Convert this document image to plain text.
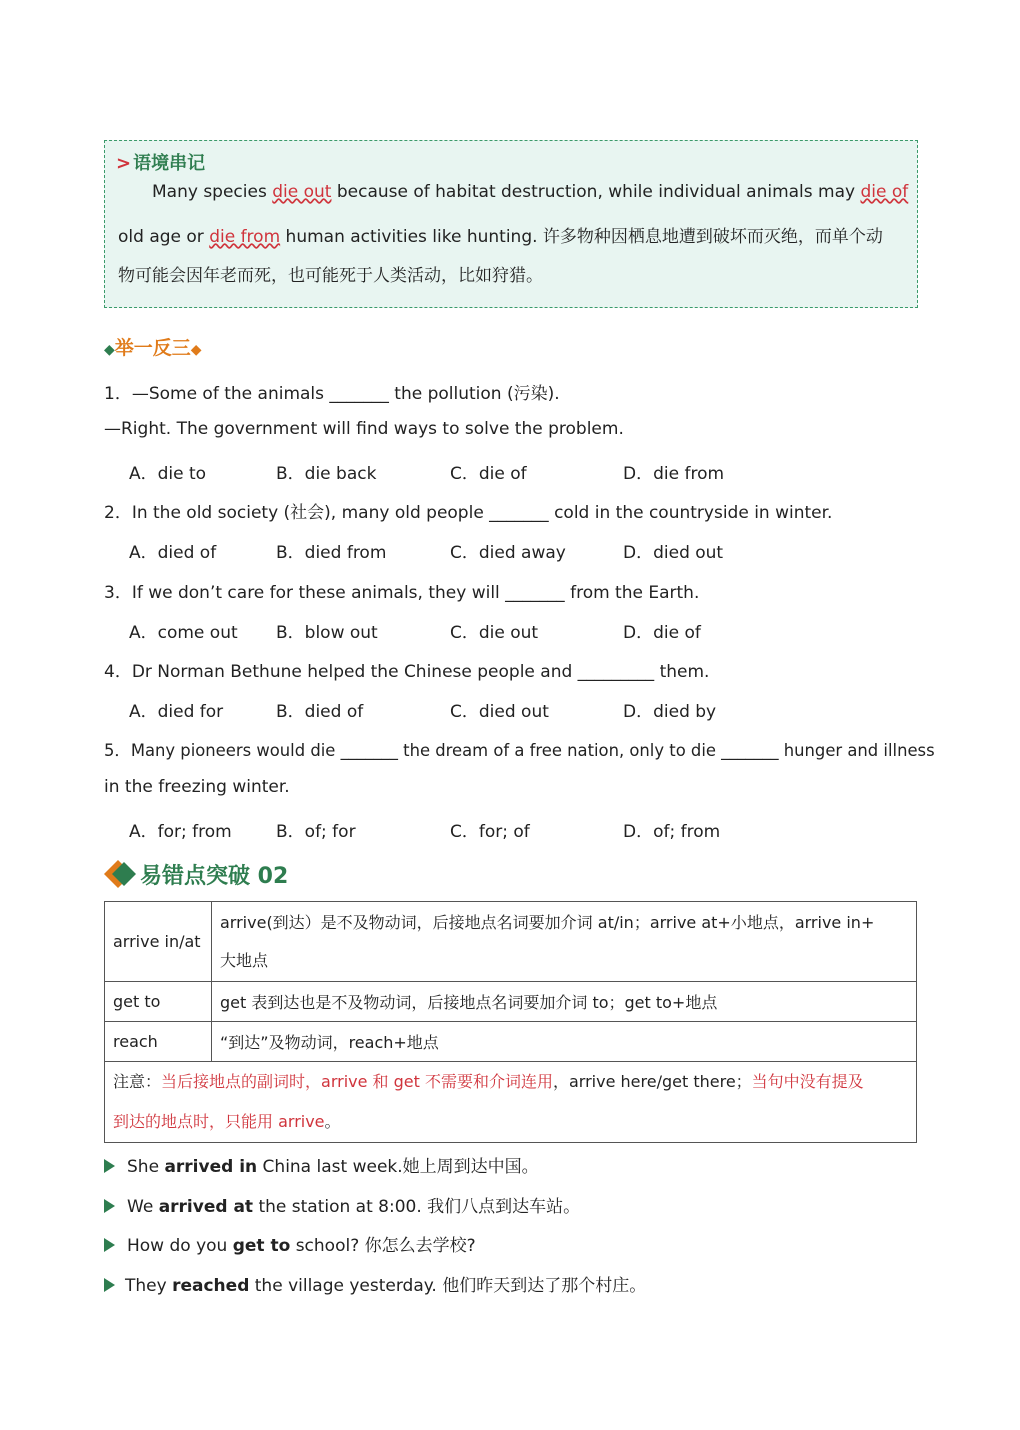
> 语境串记
Many species die out because of habitat destruction, while individual animals may die of
old age or die from human activities like hunting. 许多物种因栖息地遭到破坏而灭绝，而单个动
物可能会因年老而死，也可能死于人类活动，比如狩猎。
◆举一反三◆
1．—Some of the animals _______ the pollution (污染).
—Right. The government will find ways to solve the problem.
A．die to	B．die back	C．die of	D．die from
2．In the old society (社会), many old people _______ cold in the countryside in winter.
A．died of	B．died from	C．died away	D．died out
3．If we don’t care for these animals, they will _______ from the Earth.
A．come out B．blow out	C．die out	D．die of
4．Dr Norman Bethune helped the Chinese people and _________ them.
A．died for	B．died of	C．died out	D．died by
5．Many pioneers would die _______ the dream of a free nation, only to die _______ hunger and illness
in the freezing winter.
A．for; from	B．of; for	C．for; of	D．of; from
易错点突破 02
arrive in/at	arrive(到达）是不及物动词，后接地点名词要加介词 at/in；arrive at+小地点，arrive in+
大地点

get to	get 表到达也是不及物动词，后接地点名词要加介词 to；get to+地点
reach	“到达”及物动词，reach+地点

注意：当后接地点的副词时，arrive 和 get 不需要和介词连用，arrive here/get there；当句中没有提及
到达的地点时，只能用 arrive。	
She arrived in China last week.她上周到达中国。
We arrived at the station at 8:00. 我们八点到达车站。
How do you get to school? 你怎么去学校?
They reached the village yesterday. 他们昨天到达了那个村庄。
